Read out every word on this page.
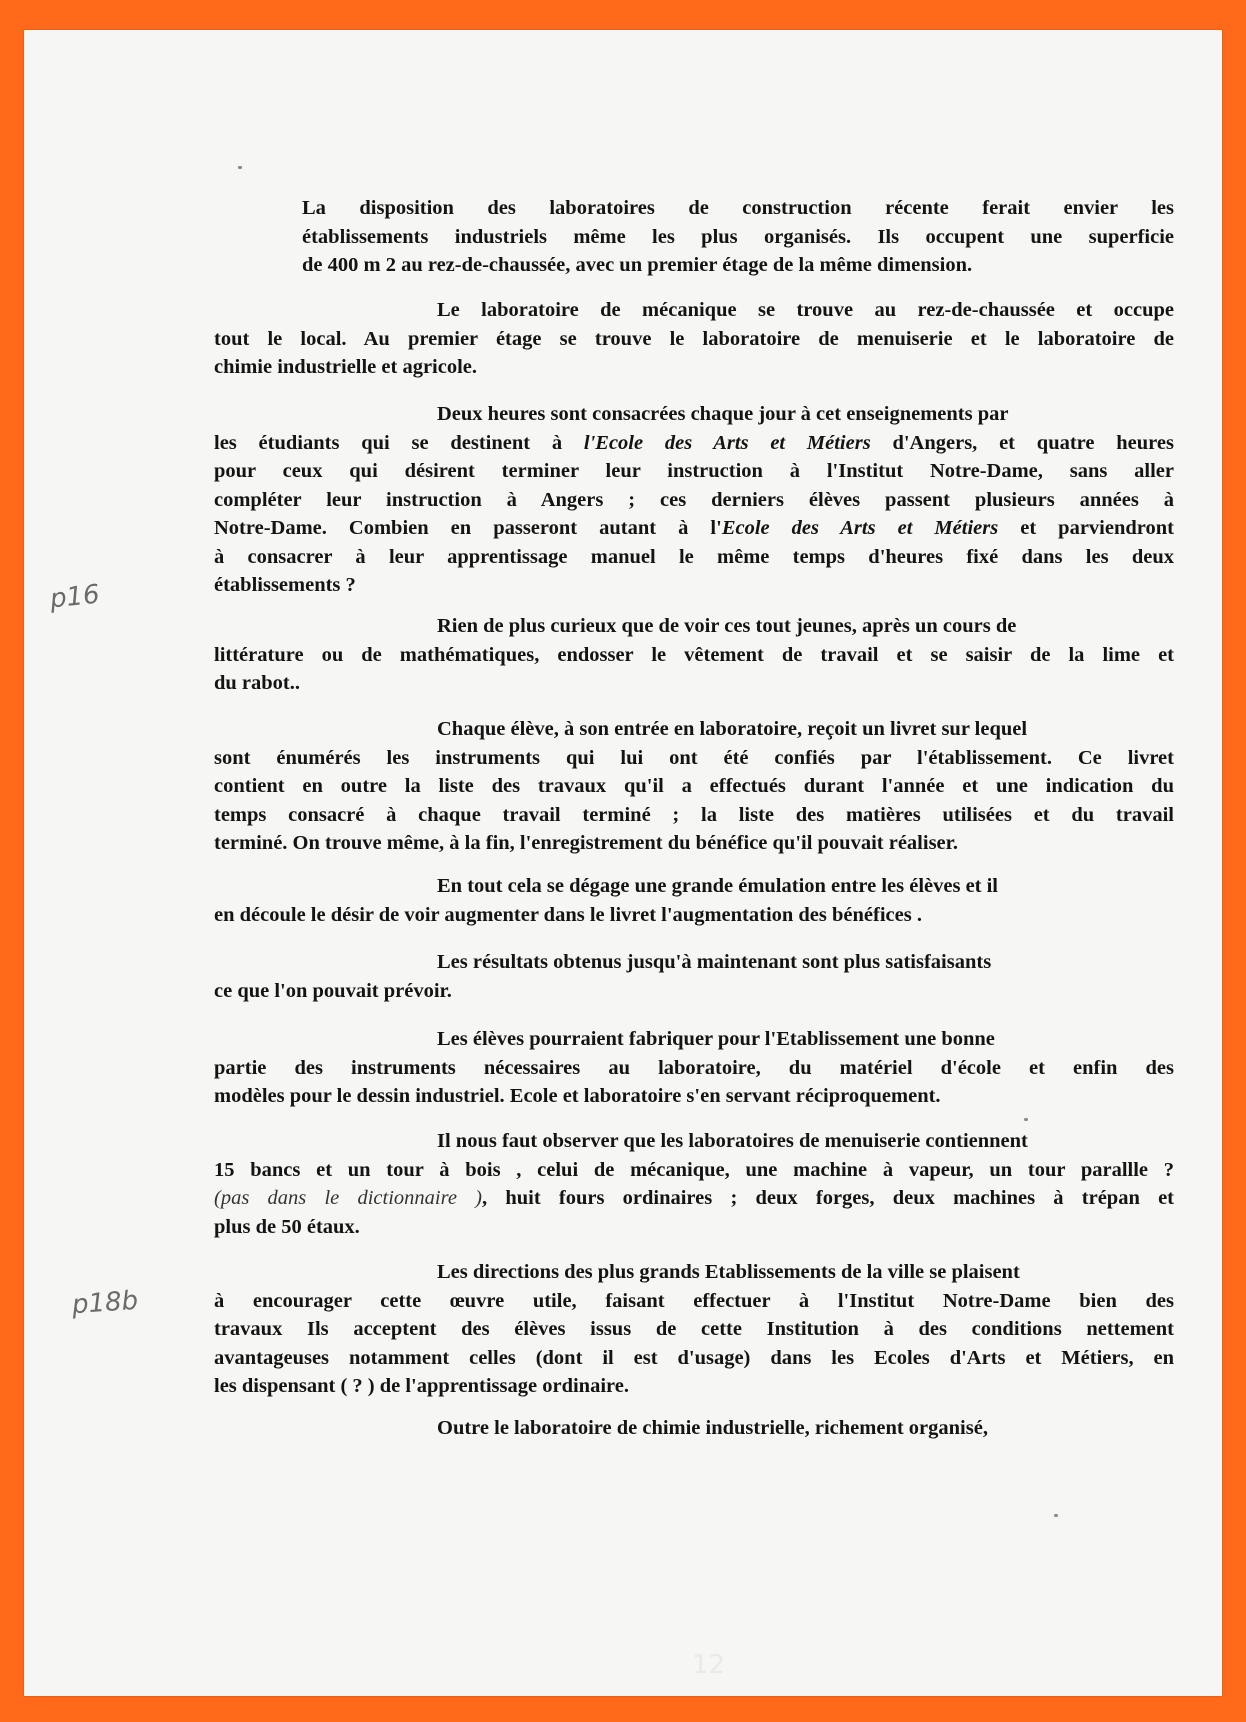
La disposition des laboratoires de construction récente ferait envier les
établissements industriels même les plus organisés. Ils occupent une superficie
de 400 m 2 au rez-de-chaussée, avec un premier étage de la même dimension.
Le laboratoire de mécanique se trouve au rez-de-chaussée et occupe
tout le local. Au premier étage se trouve le laboratoire de menuiserie et le laboratoire de
chimie industrielle et agricole.
Deux heures sont consacrées chaque jour à cet enseignements par
les étudiants qui se destinent à l'Ecole des Arts et Métiers d'Angers, et quatre heures
pour ceux qui désirent terminer leur instruction à l'Institut Notre-Dame, sans aller
compléter leur instruction à Angers ; ces derniers élèves passent plusieurs années à
Notre-Dame. Combien en passeront autant à l'Ecole des Arts et Métiers et parviendront
à consacrer à leur apprentissage manuel le même temps d'heures fixé dans les deux
établissements ?
Rien de plus curieux que de voir ces tout jeunes, après un cours de
littérature ou de mathématiques, endosser le vêtement de travail et se saisir de la lime et
du rabot..
Chaque élève, à son entrée en laboratoire, reçoit un livret sur lequel
sont énumérés les instruments qui lui ont été confiés par l'établissement. Ce livret
contient en outre la liste des travaux qu'il a effectués durant l'année et une indication du
temps consacré à chaque travail terminé ; la liste des matières utilisées et du travail
terminé. On trouve même, à la fin, l'enregistrement du bénéfice qu'il pouvait réaliser.
En tout cela se dégage une grande émulation entre les élèves et il
en découle le désir de voir augmenter dans le livret l'augmentation des bénéfices .
Les résultats obtenus jusqu'à maintenant sont plus satisfaisants
ce que l'on pouvait prévoir.
Les élèves pourraient fabriquer pour l'Etablissement une bonne
partie des instruments nécessaires au laboratoire, du matériel d'école et enfin des
modèles pour le dessin industriel. Ecole et laboratoire s'en servant réciproquement.
Il nous faut observer que les laboratoires de menuiserie contiennent
15 bancs et un tour à bois , celui de mécanique, une machine à vapeur, un tour parallle ?
(pas dans le dictionnaire ), huit fours ordinaires ; deux forges, deux machines à trépan et
plus de 50 étaux.
Les directions des plus grands Etablissements de la ville se plaisent
à encourager cette œuvre utile, faisant effectuer à l'Institut Notre-Dame bien des
travaux Ils acceptent des élèves issus de cette Institution à des conditions nettement
avantageuses notamment celles (dont il est d'usage) dans les Ecoles d'Arts et Métiers, en
les dispensant ( ? ) de l'apprentissage ordinaire.
Outre le laboratoire de chimie industrielle, richement organisé,
p16
p18b
12
